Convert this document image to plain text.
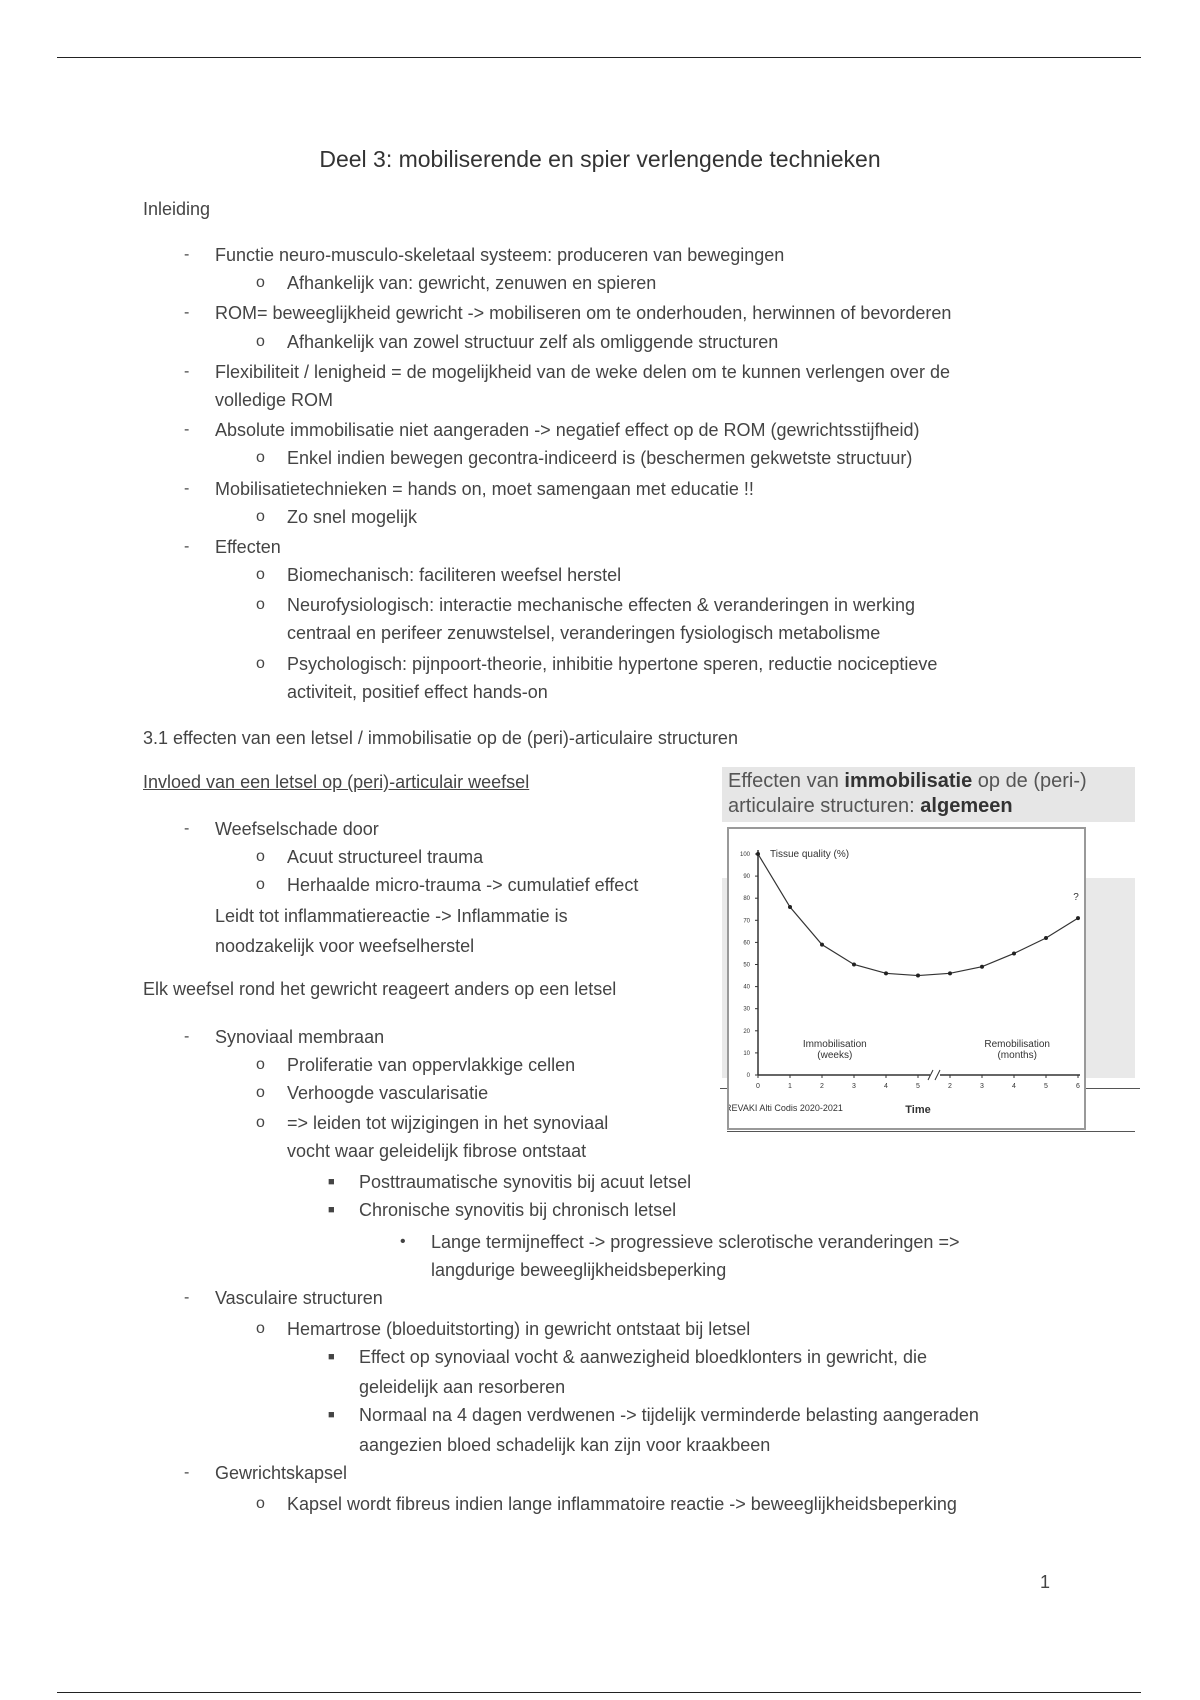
Deel 3: mobiliserende en spier verlengende technieken
Inleiding
- Functie neuro-musculo-skeletaal systeem: produceren van bewegingen
o Afhankelijk van: gewricht, zenuwen en spieren
- ROM= beweeglijkheid gewricht -> mobiliseren om te onderhouden, herwinnen of bevorderen
o Afhankelijk van zowel structuur zelf als omliggende structuren
- Flexibiliteit / lenigheid = de mogelijkheid van de weke delen om te kunnen verlengen over de
volledige ROM
- Absolute immobilisatie niet aangeraden -> negatief effect op de ROM (gewrichtsstijfheid)
o Enkel indien bewegen gecontra-indiceerd is (beschermen gekwetste structuur)
- Mobilisatietechnieken = hands on, moet samengaan met educatie !!
o Zo snel mogelijk
- Effecten
o Biomechanisch: faciliteren weefsel herstel
o Neurofysiologisch: interactie mechanische effecten & veranderingen in werking
centraal en perifeer zenuwstelsel, veranderingen fysiologisch metabolisme
o Psychologisch: pijnpoort-theorie, inhibitie hypertone speren, reductie nociceptieve
activiteit, positief effect hands-on
3.1 effecten van een letsel / immobilisatie op de (peri)-articulaire structuren
Invloed van een letsel op (peri)-articulair weefsel
- Weefselschade door
o Acuut structureel trauma
o Herhaalde micro-trauma -> cumulatief effect
Leidt tot inflammatiereactie -> Inflammatie is
noodzakelijk voor weefselherstel
Elk weefsel rond het gewricht reageert anders op een letsel
- Synoviaal membraan
o Proliferatie van oppervlakkige cellen
o Verhoogde vascularisatie
o => leiden tot wijzigingen in het synoviaal
vocht waar geleidelijk fibrose ontstaat
■ Posttraumatische synovitis bij acuut letsel
■ Chronische synovitis bij chronisch letsel
• Lange termijneffect -> progressieve sclerotische veranderingen =>
langdurige beweeglijkheidsbeperking
- Vasculaire structuren
o Hemartrose (bloeduitstorting) in gewricht ontstaat bij letsel
■ Effect op synoviaal vocht & aanwezigheid bloedklonters in gewricht, die
geleidelijk aan resorberen
■ Normaal na 4 dagen verdwenen -> tijdelijk verminderde belasting aangeraden
aangezien bloed schadelijk kan zijn voor kraakbeen
- Gewrichtskapsel
o Kapsel wordt fibreus indien lange inflammatoire reactie -> beweeglijkheidsbeperking
Effecten van immobilisatie op de (peri-)
articulaire structuren: algemeen
0
10
20
30
40
50
60
70
80
90
100
0	1	2	3	4	5	2	3	4	5	6
Tissue quality (%)
Immobilisation
(weeks)
Remobilisation
(months)
?
REVAKI Alti Codis 2020-2021	Time
1
